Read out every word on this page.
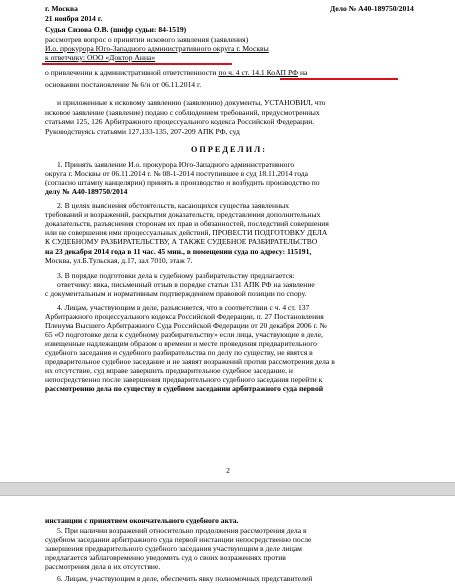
г. Москва	Дело № А40-189750/2014
21 ноября 2014 г.
Судья Сизова О.В. (шифр судьи: 84-1519)
рассмотрев вопрос о принятии искового заявления (заявления)
И.о. прокурора Юго-Западного административного округа г. Москвы
к ответчику: ООО «Доктор Анна»
о привлечении к административной ответственности по ч. 4 ст. 14.1 КоАП РФ на
основании постановление № 6/н от 06.11.2014 г.
и приложенные к исковому заявлению (заявлению) документы, УСТАНОВИЛ, что
исковое заявление (заявление) подано с соблюдением требований, предусмотренных
статьями 125, 126 Арбитражного процессуального кодекса Российской Федерации.
Руководствуясь статьями 127,133-135, 207-209 АПК РФ, суд
О П Р Е Д Е Л И Л :
1. Принять заявление И.о. прокурора Юго-Западного административного
округа г. Москвы от 06.11.2014 г. № 08-1-2014 поступившее в суд 18.11.2014 года
(согласно штампу канцелярии) принять в производство и возбудить производство по
делу № А40-189750/2014
2. В целях выяснения обстоятельств, касающихся существа заявленных
требований и возражений, раскрытия доказательств, представления дополнительных
доказательств, разъяснения сторонам их прав и обязанностей, последствий совершения
или не совершения ими процессуальных действий, ПРОВЕСТИ ПОДГОТОВКУ ДЕЛА
К СУДЕБНОМУ РАЗБИРАТЕЛЬСТВУ, А ТАКЖЕ СУДЕБНОЕ РАЗБИРАТЕЛЬСТВО
на 23 декабря 2014 года в 11 час. 45 мин., в помещении суда по адресу: 115191,
Москва, ул.Б.Тульская, д.17, зал 7010, этаж 7.
3. В порядке подготовки дела к судебному разбирательству предлагается:
ответчику: явка, письменный отзыв в порядке статьи 131 АПК РФ на заявление
с документальным и нормативным подтверждением правовой позиции по спору.
4. Лицам, участвующим в деле, разъясняется, что в соответствии с ч. 4 ст. 137
Арбитражного процессуального кодекса Российской Федерации, п. 27 Постановления
Пленума Высшего Арбитражного Суда Российской Федерации от 20 декабря 2006 г. №
65 «О подготовке дела к судебному разбирательству» если лица, участвующие в деле,
извещенные надлежащим образом о времени и месте проведения предварительного
судебного заседания и судебного разбирательства по делу по существу, не явятся в
предварительное судебное заседание и не заявят возражений против рассмотрения дела в
их отсутствие, суд вправе завершить предварительное судебное заседание, и
непосредственно после завершения предварительного судебного заседания перейти к
рассмотрению дела по существу в судебном заседании арбитражного суда первой
2
инстанции с принятием окончательного судебного акта.
5. При наличии возражений относительно продолжения рассмотрения дела в
судебном заседании арбитражного суда первой инстанции непосредственно после
завершения предварительного судебного заседания участвующим в деле лицам
предлагается заблаговременно уведомить суд о своих возражениях против
рассмотрения дела в их отсутствие.
6. Лицам, участвующим в деле, обеспечить явку полномочных представителей
